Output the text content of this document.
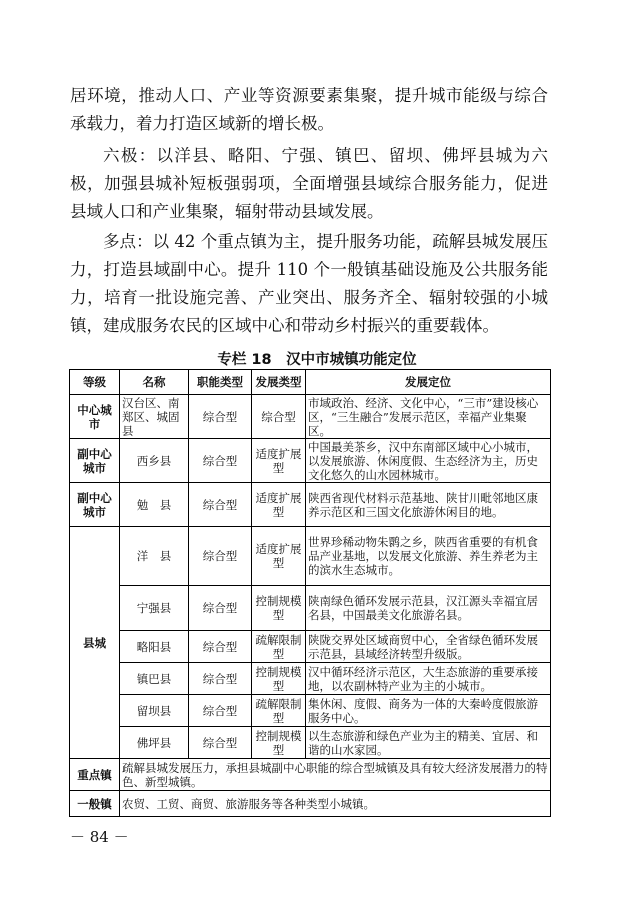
居环境，推动人口、产业等资源要素集聚，提升城市能级与综合承载力，着力打造区域新的增长极。

六极：以洋县、略阳、宁强、镇巴、留坝、佛坪县城为六极，加强县城补短板强弱项，全面增强县域综合服务能力，促进县域人口和产业集聚，辐射带动县域发展。

多点：以 42 个重点镇为主，提升服务功能，疏解县城发展压力，打造县域副中心。提升 110 个一般镇基础设施及公共服务能力，培育一批设施完善、产业突出、服务齐全、辐射较强的小城镇，建成服务农民的区域中心和带动乡村振兴的重要载体。

专栏 18　汉中市城镇功能定位
等级	名称	职能类型	发展类型	发展定位
中心城市	汉台区、南郑区、城固县	综合型	综合型	市域政治、经济、文化中心，“三市”建设核心区，“三生融合”发展示范区，幸福产业集聚区。
副中心城市	西乡县	综合型	适度扩展型	中国最美茶乡，汉中东南部区域中心小城市，以发展旅游、休闲度假、生态经济为主，历史文化悠久的山水园林城市。
副中心城市	勉　县	综合型	适度扩展型	陕西省现代材料示范基地、陕甘川毗邻地区康养示范区和三国文化旅游休闲目的地。
县城	洋　县	综合型	适度扩展型	世界珍稀动物朱鹮之乡，陕西省重要的有机食品产业基地，以发展文化旅游、养生养老为主的滨水生态城市。
	宁强县	综合型	控制规模型	陕南绿色循环发展示范县，汉江源头幸福宜居名县，中国最美文化旅游名县。
	略阳县	综合型	疏解限制型	陕陇交界处区域商贸中心，全省绿色循环发展示范县，县域经济转型升级版。
	镇巴县	综合型	控制规模型	汉中循环经济示范区，大生态旅游的重要承接地，以农副林特产业为主的小城市。
	留坝县	综合型	疏解限制型	集休闲、度假、商务为一体的大秦岭度假旅游服务中心。
	佛坪县	综合型	控制规模型	以生态旅游和绿色产业为主的精美、宜居、和谐的山水家园。
重点镇	疏解县城发展压力，承担县城副中心职能的综合型城镇及具有较大经济发展潜力的特色、新型城镇。			
一般镇	农贸、工贸、商贸、旅游服务等各种类型小城镇。			
－ 84 －
